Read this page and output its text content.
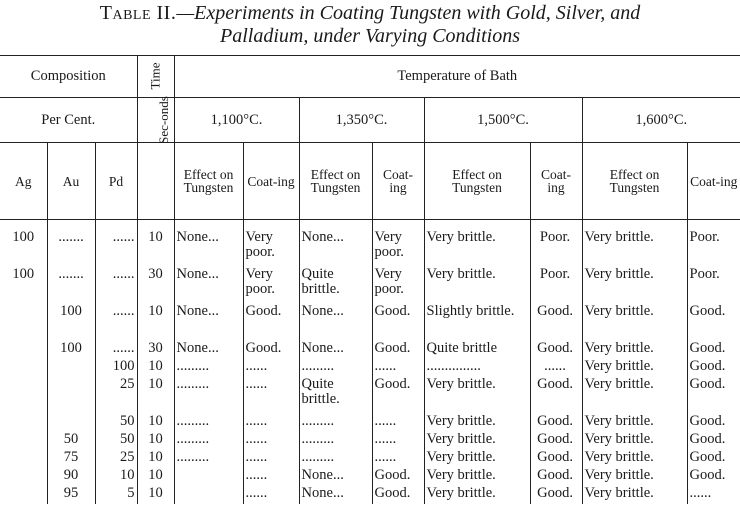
Table II.—Experiments in Coating Tungsten with Gold, Silver, and
Palladium, under Varying Conditions
Composition			Time	Temperature of Bath							
Per Cent.			Sec-onds	1,100°C.		1,350°C.		1,500°C.		1,600°C.	
Ag	Au	Pd		Effect on Tungsten	Coat-ing	Effect on Tungsten	Coat-ing	Effect on Tungsten	Coat-ing	Effect on Tungsten	Coat-ing
100	.......	......	10	None...	Very poor.	None...	Very poor.	Very brittle.	Poor.	Very brittle.	Poor.
100	.......	......	30	None...	Very poor.	Quite brittle.	Very poor.	Very brittle.	Poor.	Very brittle.	Poor.
	100	......	10	None...	Good.	None...	Good.	Slightly brittle.	Good.	Very brittle.	Good.
	100	......	30	None...	Good.	None...	Good.	Quite brittle	Good.	Very brittle.	Good.
		100	10	.........	......	.........	......	...............	......	Very brittle.	Good.
		25	10	.........	......	Quite brittle.	Good.	Very brittle.	Good.	Very brittle.	Good.
		50	10	.........	......	.........	......	Very brittle.	Good.	Very brittle.	Good.
	50	50	10	.........	......	.........	......	Very brittle.	Good.	Very brittle.	Good.
	75	25	10	.........	......	.........	......	Very brittle.	Good.	Very brittle.	Good.
	90	10	10		......	None...	Good.	Very brittle.	Good.	Very brittle.	Good.
	95	5	10		......	None...	Good.	Very brittle.	Good.	Very brittle.	......
